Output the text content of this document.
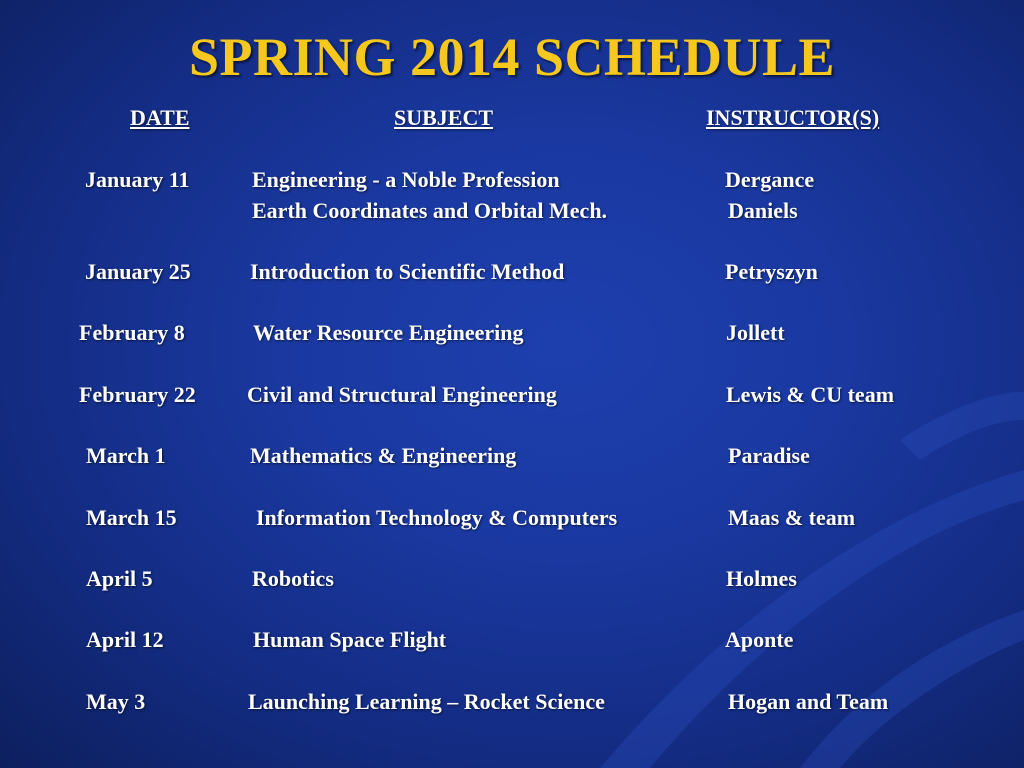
SPRING 2014 SCHEDULE
DATE	SUBJECT	INSTRUCTOR(S)
January 11	Engineering - a Noble Profession	Dergance
Earth Coordinates and Orbital Mech.	Daniels
January 25	Introduction to Scientific Method	Petryszyn
February 8	Water Resource Engineering	Jollett
February 22 Civil and Structural Engineering	Lewis & CU team
March 1	Mathematics & Engineering	Paradise
March 15	Information Technology & Computers	Maas & team
April 5	Robotics	Holmes
April 12	Human Space Flight	Aponte
May 3	Launching Learning – Rocket Science	Hogan and Team
